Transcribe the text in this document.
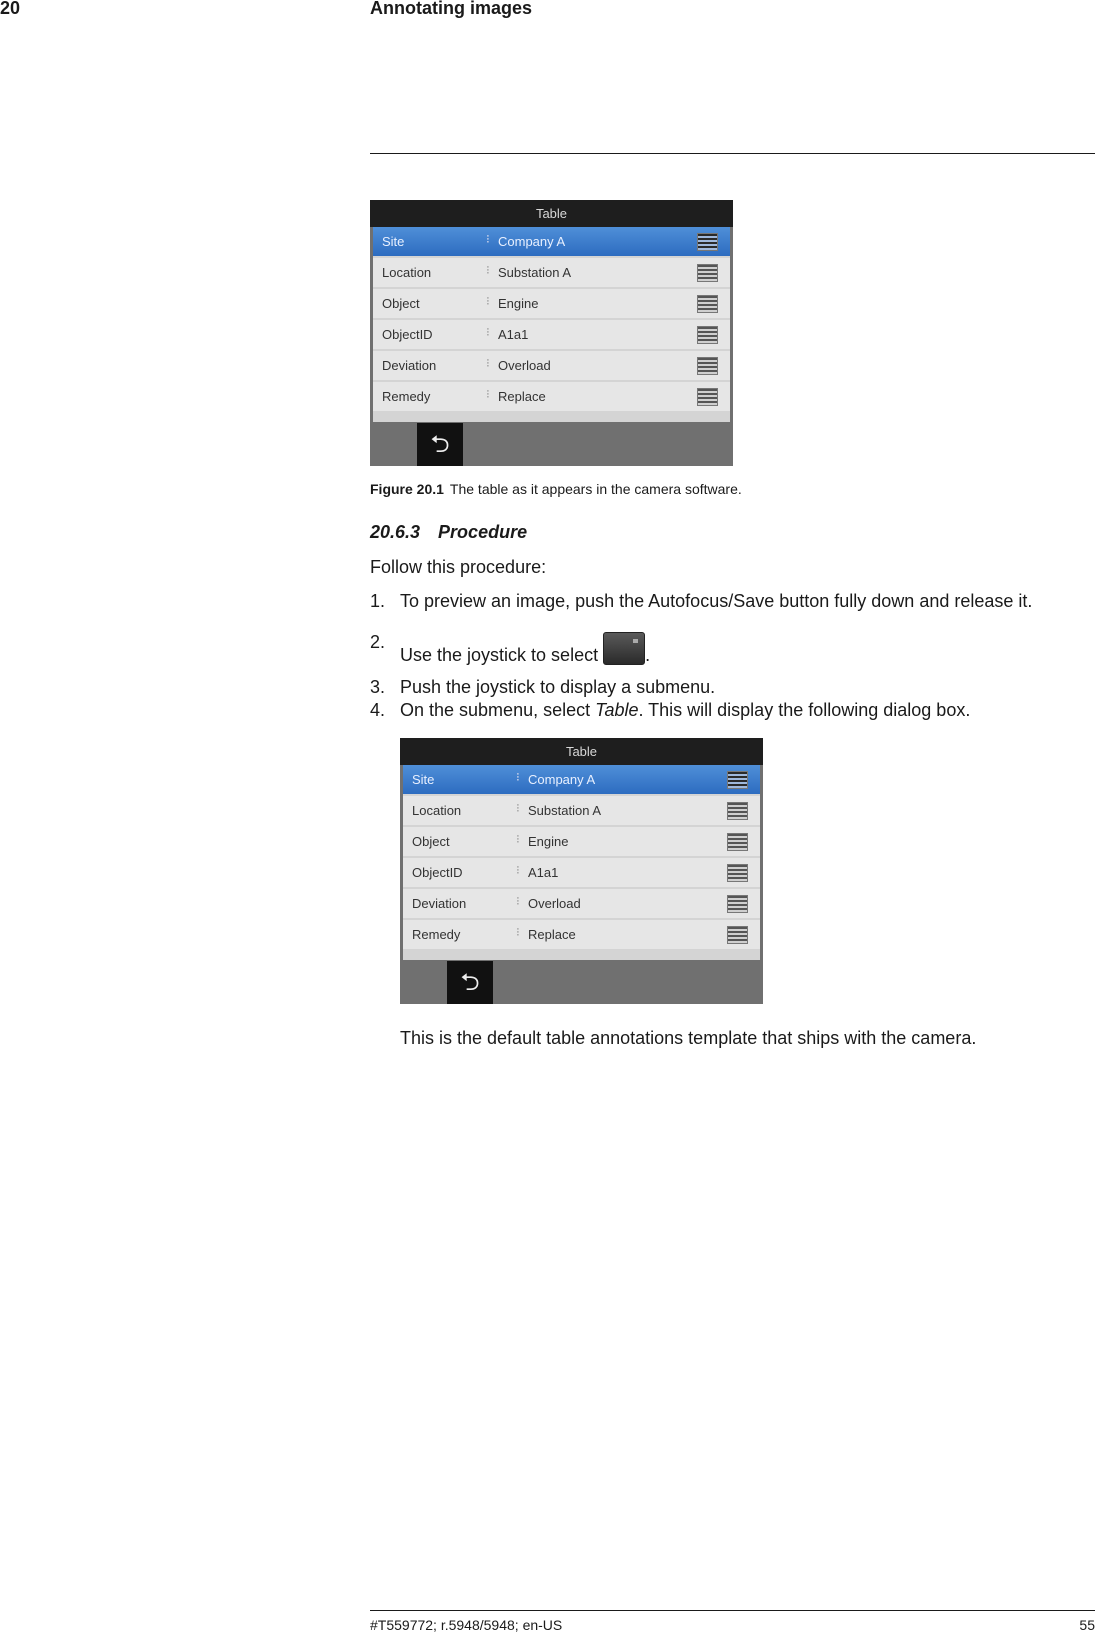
20	Annotating images
Table
Site	⁝ Company A
Location	⁝ Substation A
Object	⁝ Engine
ObjectID	⁝ A1a1
Deviation	⁝ Overload
Remedy	⁝ Replace
⮌
Figure 20.1 The table as it appears in the camera software.
20.6.3 Procedure
Follow this procedure:
1. To preview an image, push the Autofocus/Save button fully down and release it.
2.
Use the joystick to select	.
3. Push the joystick to display a submenu.
4. On the submenu, select Table. This will display the following dialog box.
Table
Site	⁝ Company A
Location	⁝ Substation A
Object	⁝ Engine
ObjectID	⁝ A1a1
Deviation	⁝ Overload
Remedy	⁝ Replace
⮌
This is the default table annotations template that ships with the camera.
#T559772; r.5948/5948; en-US	55
